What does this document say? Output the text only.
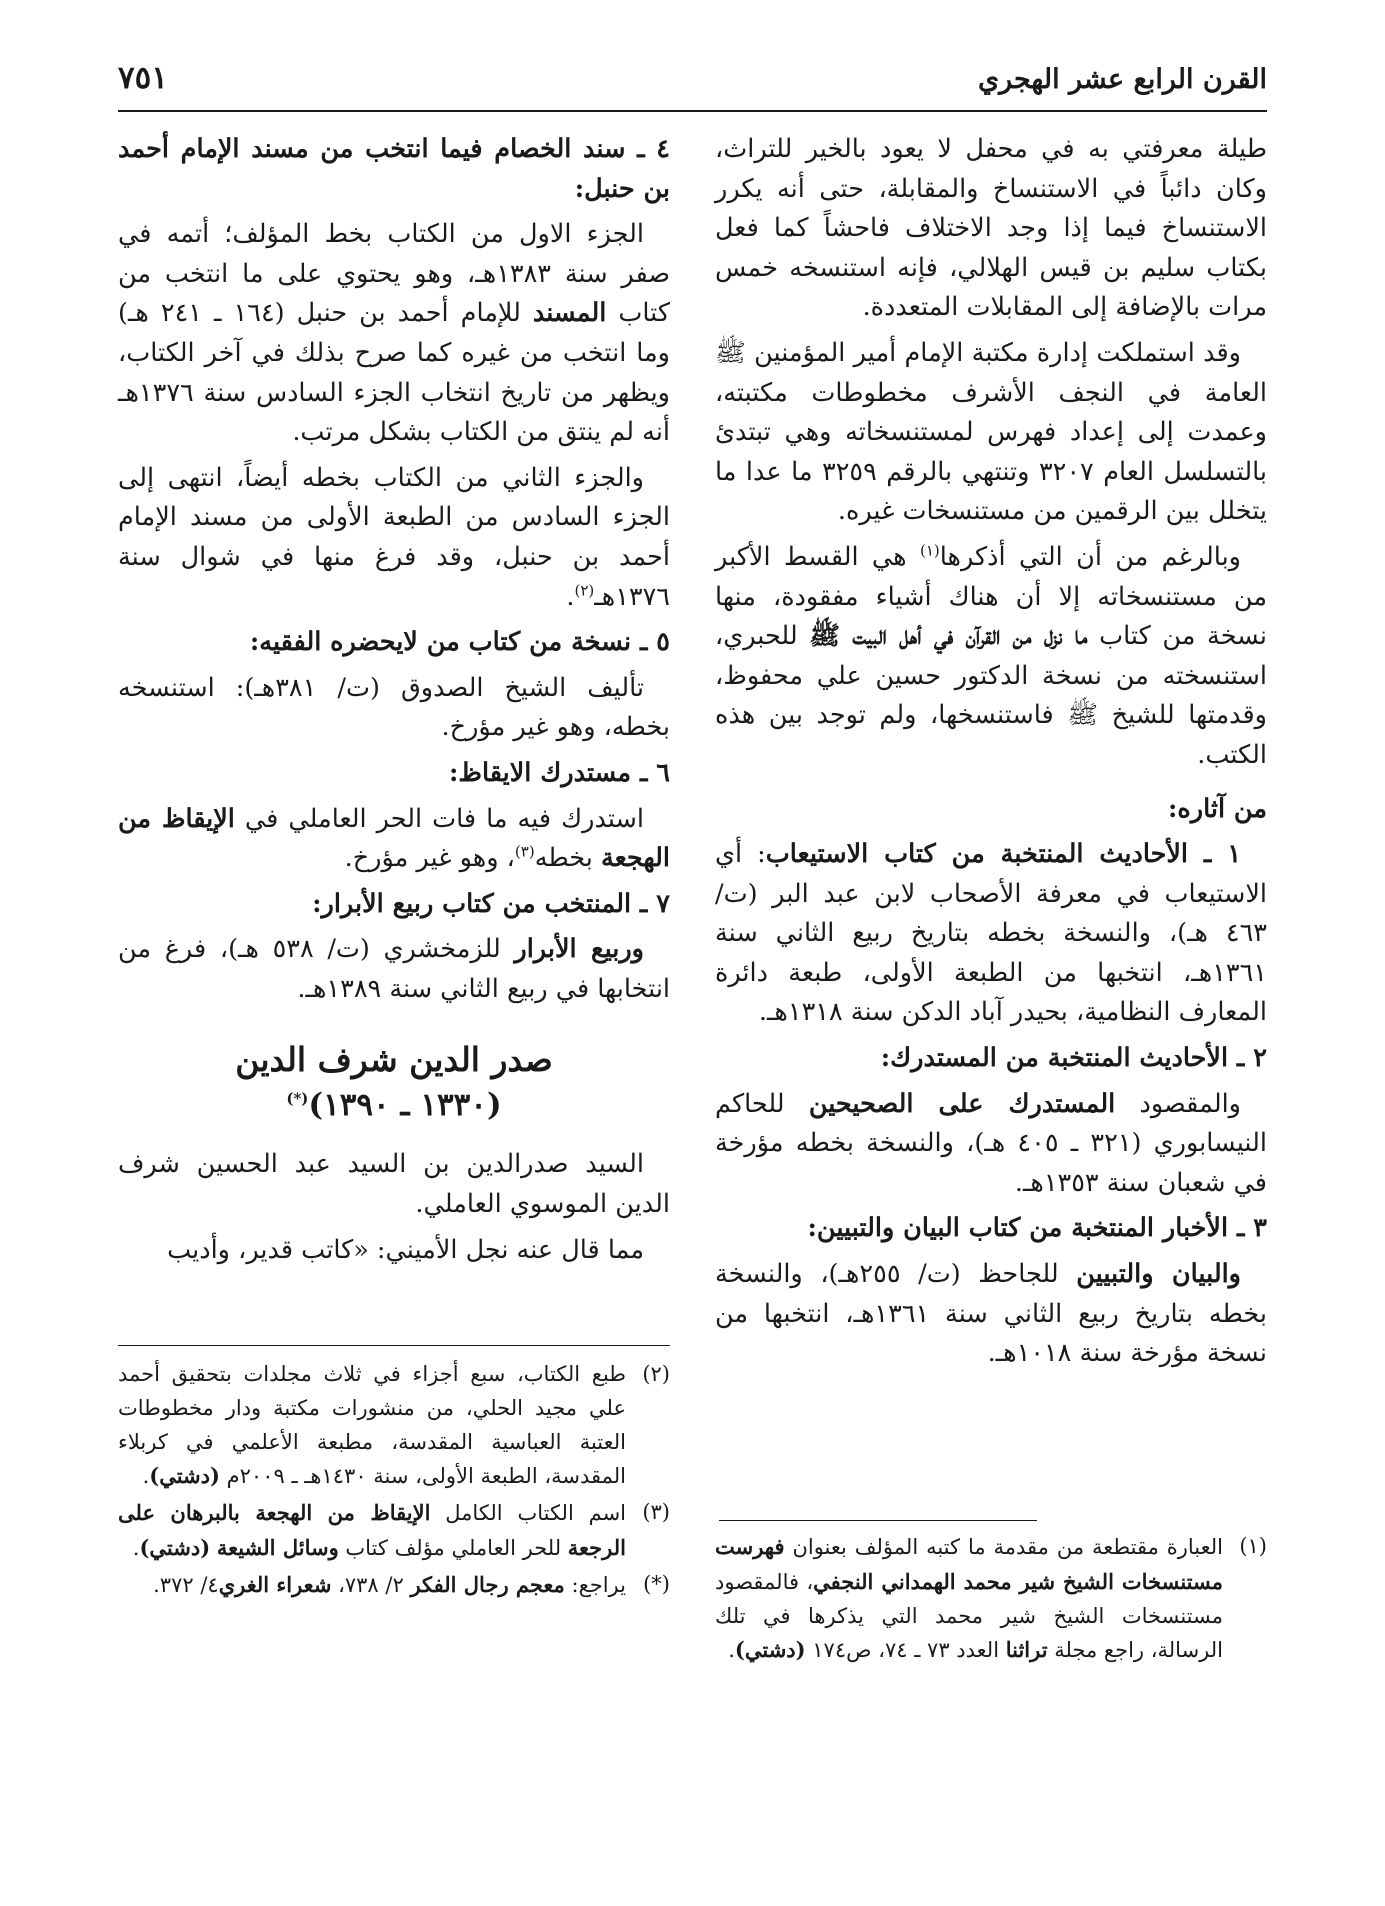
القرن الرابع عشر الهجري
٧٥١

طيلة معرفتي به في محفل لا يعود بالخير للتراث، وكان دائباً في الاستنساخ والمقابلة، حتى أنه يكرر الاستنساخ فيما إذا وجد الاختلاف فاحشاً كما فعل بكتاب سليم بن قيس الهلالي، فإنه استنسخه خمس مرات بالإضافة إلى المقابلات المتعددة.

وقد استملكت إدارة مكتبة الإمام أمير المؤمنين ﷺ العامة في النجف الأشرف مخطوطات مكتبته، وعمدت إلى إعداد فهرس لمستنسخاته وهي تبتدئ بالتسلسل العام ٣٢٠٧ وتنتهي بالرقم ٣٢٥٩ ما عدا ما يتخلل بين الرقمين من مستنسخات غيره.

وبالرغم من أن التي أذكرها$^{(١)}$ هي القسط الأكبر من مستنسخاته إلا أن هناك أشياء مفقودة، منها نسخة من كتاب ما نزل من القرآن في أهل البيت ﷺ للحبري، استنسخته من نسخة الدكتور حسين علي محفوظ، وقدمتها للشيخ ﷺ فاستنسخها، ولم توجد بين هذه الكتب.

من آثاره:

١ ـ الأحاديث المنتخبة من كتاب الاستيعاب: أي الاستيعاب في معرفة الأصحاب لابن عبد البر (ت/ ٤٦٣ هـ)، والنسخة بخطه بتاريخ ربيع الثاني سنة ١٣٦١هـ، انتخبها من الطبعة الأولى، طبعة دائرة المعارف النظامية، بحيدر آباد الدكن سنة ١٣١٨هـ.

٢ ـ الأحاديث المنتخبة من المستدرك:

والمقصود المستدرك على الصحيحين للحاكم النيسابوري (٣٢١ ـ ٤٠٥ هـ)، والنسخة بخطه مؤرخة في شعبان سنة ١٣٥٣هـ.

٣ ـ الأخبار المنتخبة من كتاب البيان والتبيين:

والبيان والتبيين للجاحظ (ت/ ٢٥٥هـ)، والنسخة بخطه بتاريخ ربيع الثاني سنة ١٣٦١هـ، انتخبها من نسخة مؤرخة سنة ١٠١٨هـ.

٤ ـ سند الخصام فيما انتخب من مسند الإمام أحمد بن حنبل:

الجزء الاول من الكتاب بخط المؤلف؛ أتمه في صفر سنة ١٣٨٣هـ، وهو يحتوي على ما انتخب من كتاب المسند للإمام أحمد بن حنبل (١٦٤ ـ ٢٤١ هـ) وما انتخب من غيره كما صرح بذلك في آخر الكتاب، ويظهر من تاريخ انتخاب الجزء السادس سنة ١٣٧٦هـ أنه لم ينتق من الكتاب بشكل مرتب.

والجزء الثاني من الكتاب بخطه أيضاً، انتهى إلى الجزء السادس من الطبعة الأولى من مسند الإمام أحمد بن حنبل، وقد فرغ منها في شوال سنة ١٣٧٦هـ$^{(٢)}$.

٥ ـ نسخة من كتاب من لايحضره الفقيه:

تأليف الشيخ الصدوق (ت/ ٣٨١هـ): استنسخه بخطه، وهو غير مؤرخ.

٦ ـ مستدرك الايقاظ:

استدرك فيه ما فات الحر العاملي في الإيقاظ من الهجعة بخطه$^{(٣)}$، وهو غير مؤرخ.

٧ ـ المنتخب من كتاب ربيع الأبرار:

وربيع الأبرار للزمخشري (ت/ ٥٣٨ هـ)، فرغ من انتخابها في ربيع الثاني سنة ١٣٨٩هـ.

صدر الدين شرف الدين
(١٣٣٠ ـ ١٣٩٠)(*)

السيد صدرالدين بن السيد عبد الحسين شرف الدين الموسوي العاملي.

مما قال عنه نجل الأميني: «كاتب قدير، وأديب

(٢)
طبع الكتاب، سبع أجزاء في ثلاث مجلدات بتحقيق أحمد علي مجيد الحلي، من منشورات مكتبة ودار مخطوطات العتبة العباسية المقدسة، مطبعة الأعلمي في كربلاء المقدسة، الطبعة الأولى، سنة ١٤٣٠هـ ـ ٢٠٠٩م (دشتي).
(٣)
اسم الكتاب الكامل الإيقاظ من الهجعة بالبرهان على الرجعة للحر العاملي مؤلف كتاب وسائل الشيعة (دشتي).
(*)
يراجع: معجم رجال الفكر ٢/ ٧٣٨، شعراء الغري٤/ ٣٧٢.
(١)
العبارة مقتطعة من مقدمة ما كتبه المؤلف بعنوان فهرست مستنسخات الشيخ شير محمد الهمداني النجفي، فالمقصود مستنسخات الشيخ شير محمد التي يذكرها في تلك الرسالة، راجع مجلة تراثنا العدد ٧٣ ـ ٧٤، ص١٧٤ (دشتي).
